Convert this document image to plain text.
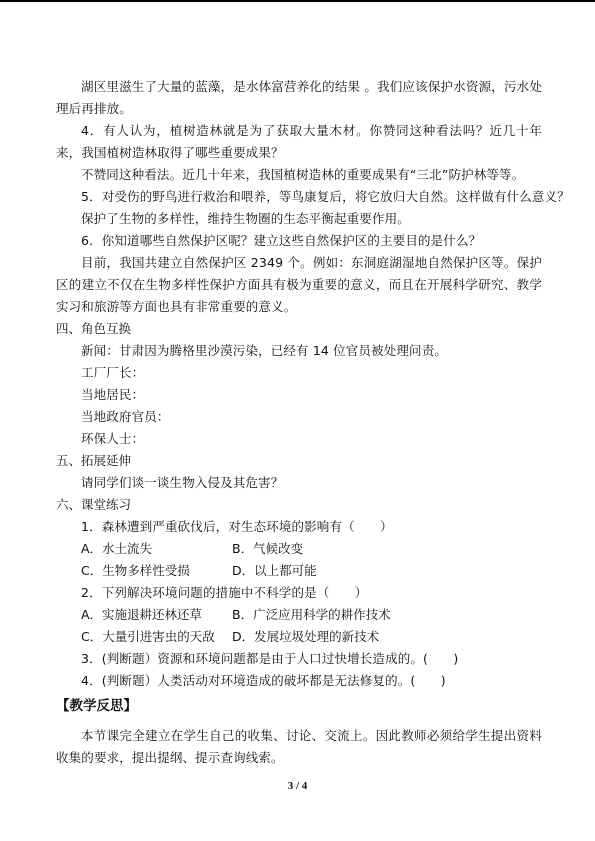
湖区里滋生了大量的蓝藻，是水体富营养化的结果 。我们应该保护水资源，污水处理后再排放。
4．有人认为，植树造林就是为了获取大量木材。你赞同这种看法吗？近几十年来，我国植树造林取得了哪些重要成果？
不赞同这种看法。近几十年来，我国植树造林的重要成果有“三北”防护林等等。
5．对受伤的野鸟进行救治和喂养，等鸟康复后，将它放归大自然。这样做有什么意义？
保护了生物的多样性，维持生物圈的生态平衡起重要作用。
6．你知道哪些自然保护区呢？建立这些自然保护区的主要目的是什么？
目前，我国共建立自然保护区 2349 个。例如：东洞庭湖湿地自然保护区等。保护区的建立不仅在生物多样性保护方面具有极为重要的意义，而且在开展科学研究、教学实习和旅游等方面也具有非常重要的意义。
四、角色互换
新闻：甘肃因为腾格里沙漠污染，已经有 14 位官员被处理问责。
工厂厂长：
当地居民：
当地政府官员：
环保人士：
五、拓展延伸
请同学们谈一谈生物入侵及其危害？
六、课堂练习
1．森林遭到严重砍伐后，对生态环境的影响有（　　）
A．水土流失	B．气候改变
C．生物多样性受损	D．以上都可能
2．下列解决环境问题的措施中不科学的是（　　）
A．实施退耕还林还草	B．广泛应用科学的耕作技术
C．大量引进害虫的天敌	D．发展垃圾处理的新技术
3．(判断题）资源和环境问题都是由于人口过快增长造成的。(　　)
4．(判断题）人类活动对环境造成的破坏都是无法修复的。(　　)
【教学反思】
本节课完全建立在学生自己的收集、讨论、交流上。因此教师必须给学生提出资料收集的要求，提出提纲、提示查询线索。
3 / 4
